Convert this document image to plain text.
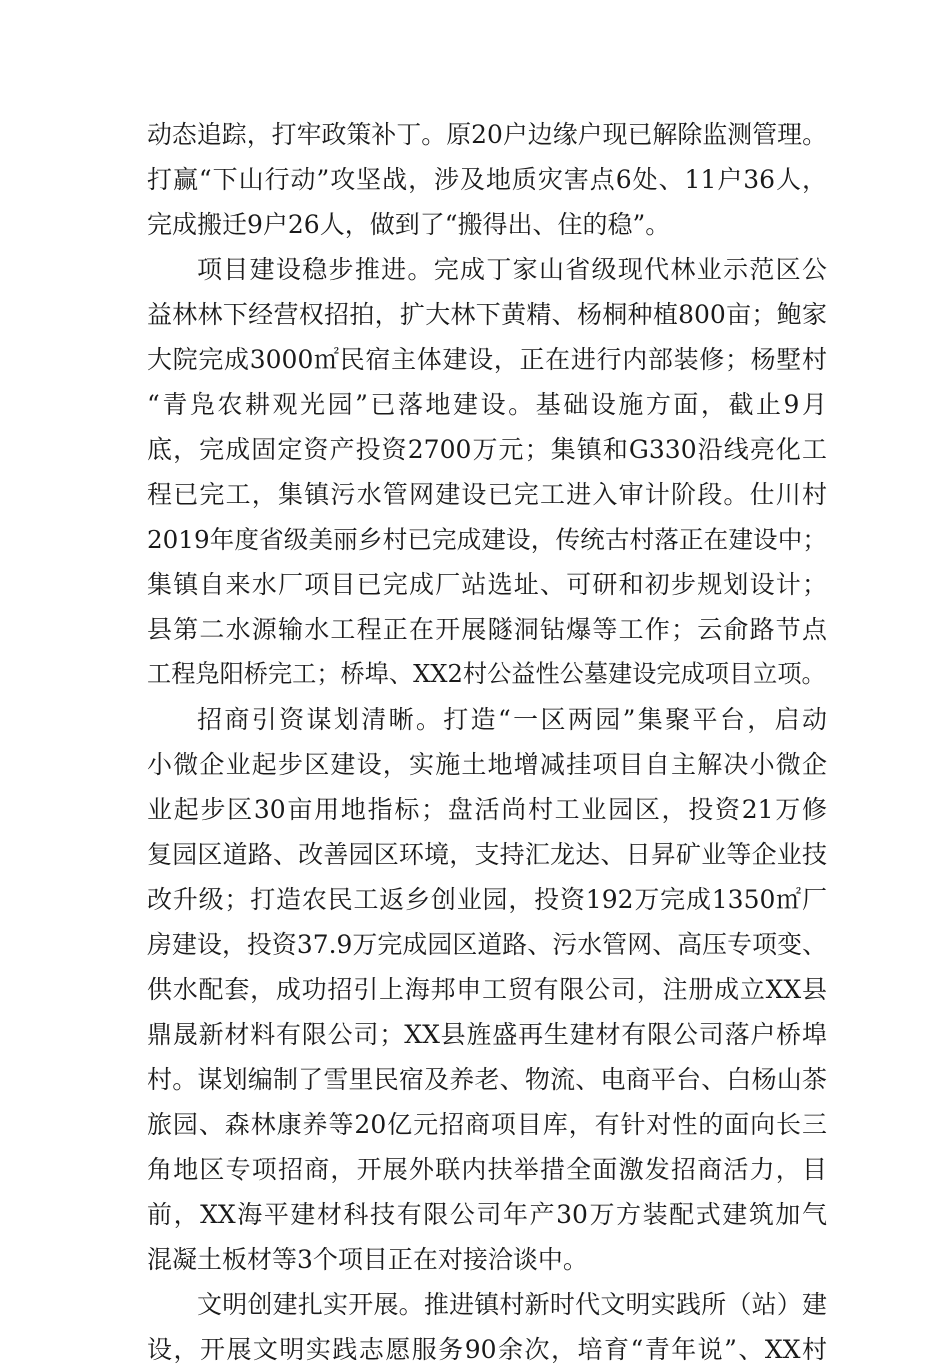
动态追踪，打牢政策补丁。原20户边缘户现已解除监测管理。
打赢“下山行动”攻坚战，涉及地质灾害点6处、11户36人，
完成搬迁9户26人，做到了“搬得出、住的稳”。
项目建设稳步推进。完成丁家山省级现代林业示范区公
益林林下经营权招拍，扩大林下黄精、杨桐种植800亩；鲍家
大院完成3000㎡民宿主体建设，正在进行内部装修；杨墅村
“青凫农耕观光园”已落地建设。基础设施方面，截止9月
底，完成固定资产投资2700万元；集镇和G330沿线亮化工
程已完工，集镇污水管网建设已完工进入审计阶段。仕川村
2019年度省级美丽乡村已完成建设，传统古村落正在建设中；
集镇自来水厂项目已完成厂站选址、可研和初步规划设计；
县第二水源输水工程正在开展隧洞钻爆等工作；云俞路节点
工程凫阳桥完工；桥埠、XX2村公益性公墓建设完成项目立项。
招商引资谋划清晰。打造“一区两园”集聚平台，启动
小微企业起步区建设，实施土地增减挂项目自主解决小微企
业起步区30亩用地指标；盘活尚村工业园区，投资21万修
复园区道路、改善园区环境，支持汇龙达、日昇矿业等企业技
改升级；打造农民工返乡创业园，投资192万完成1350㎡厂
房建设，投资37.9万完成园区道路、污水管网、高压专项变、
供水配套，成功招引上海邦申工贸有限公司，注册成立XX县
鼎晟新材料有限公司；XX县旌盛再生建材有限公司落户桥埠
村。谋划编制了雪里民宿及养老、物流、电商平台、白杨山茶
旅园、森林康养等20亿元招商项目库，有针对性的面向长三
角地区专项招商，开展外联内扶举措全面激发招商活力，目
前，XX海平建材科技有限公司年产30万方装配式建筑加气
混凝土板材等3个项目正在对接洽谈中。
文明创建扎实开展。推进镇村新时代文明实践所（站）建
设，开展文明实践志愿服务90余次，培育“青年说”、XX村
